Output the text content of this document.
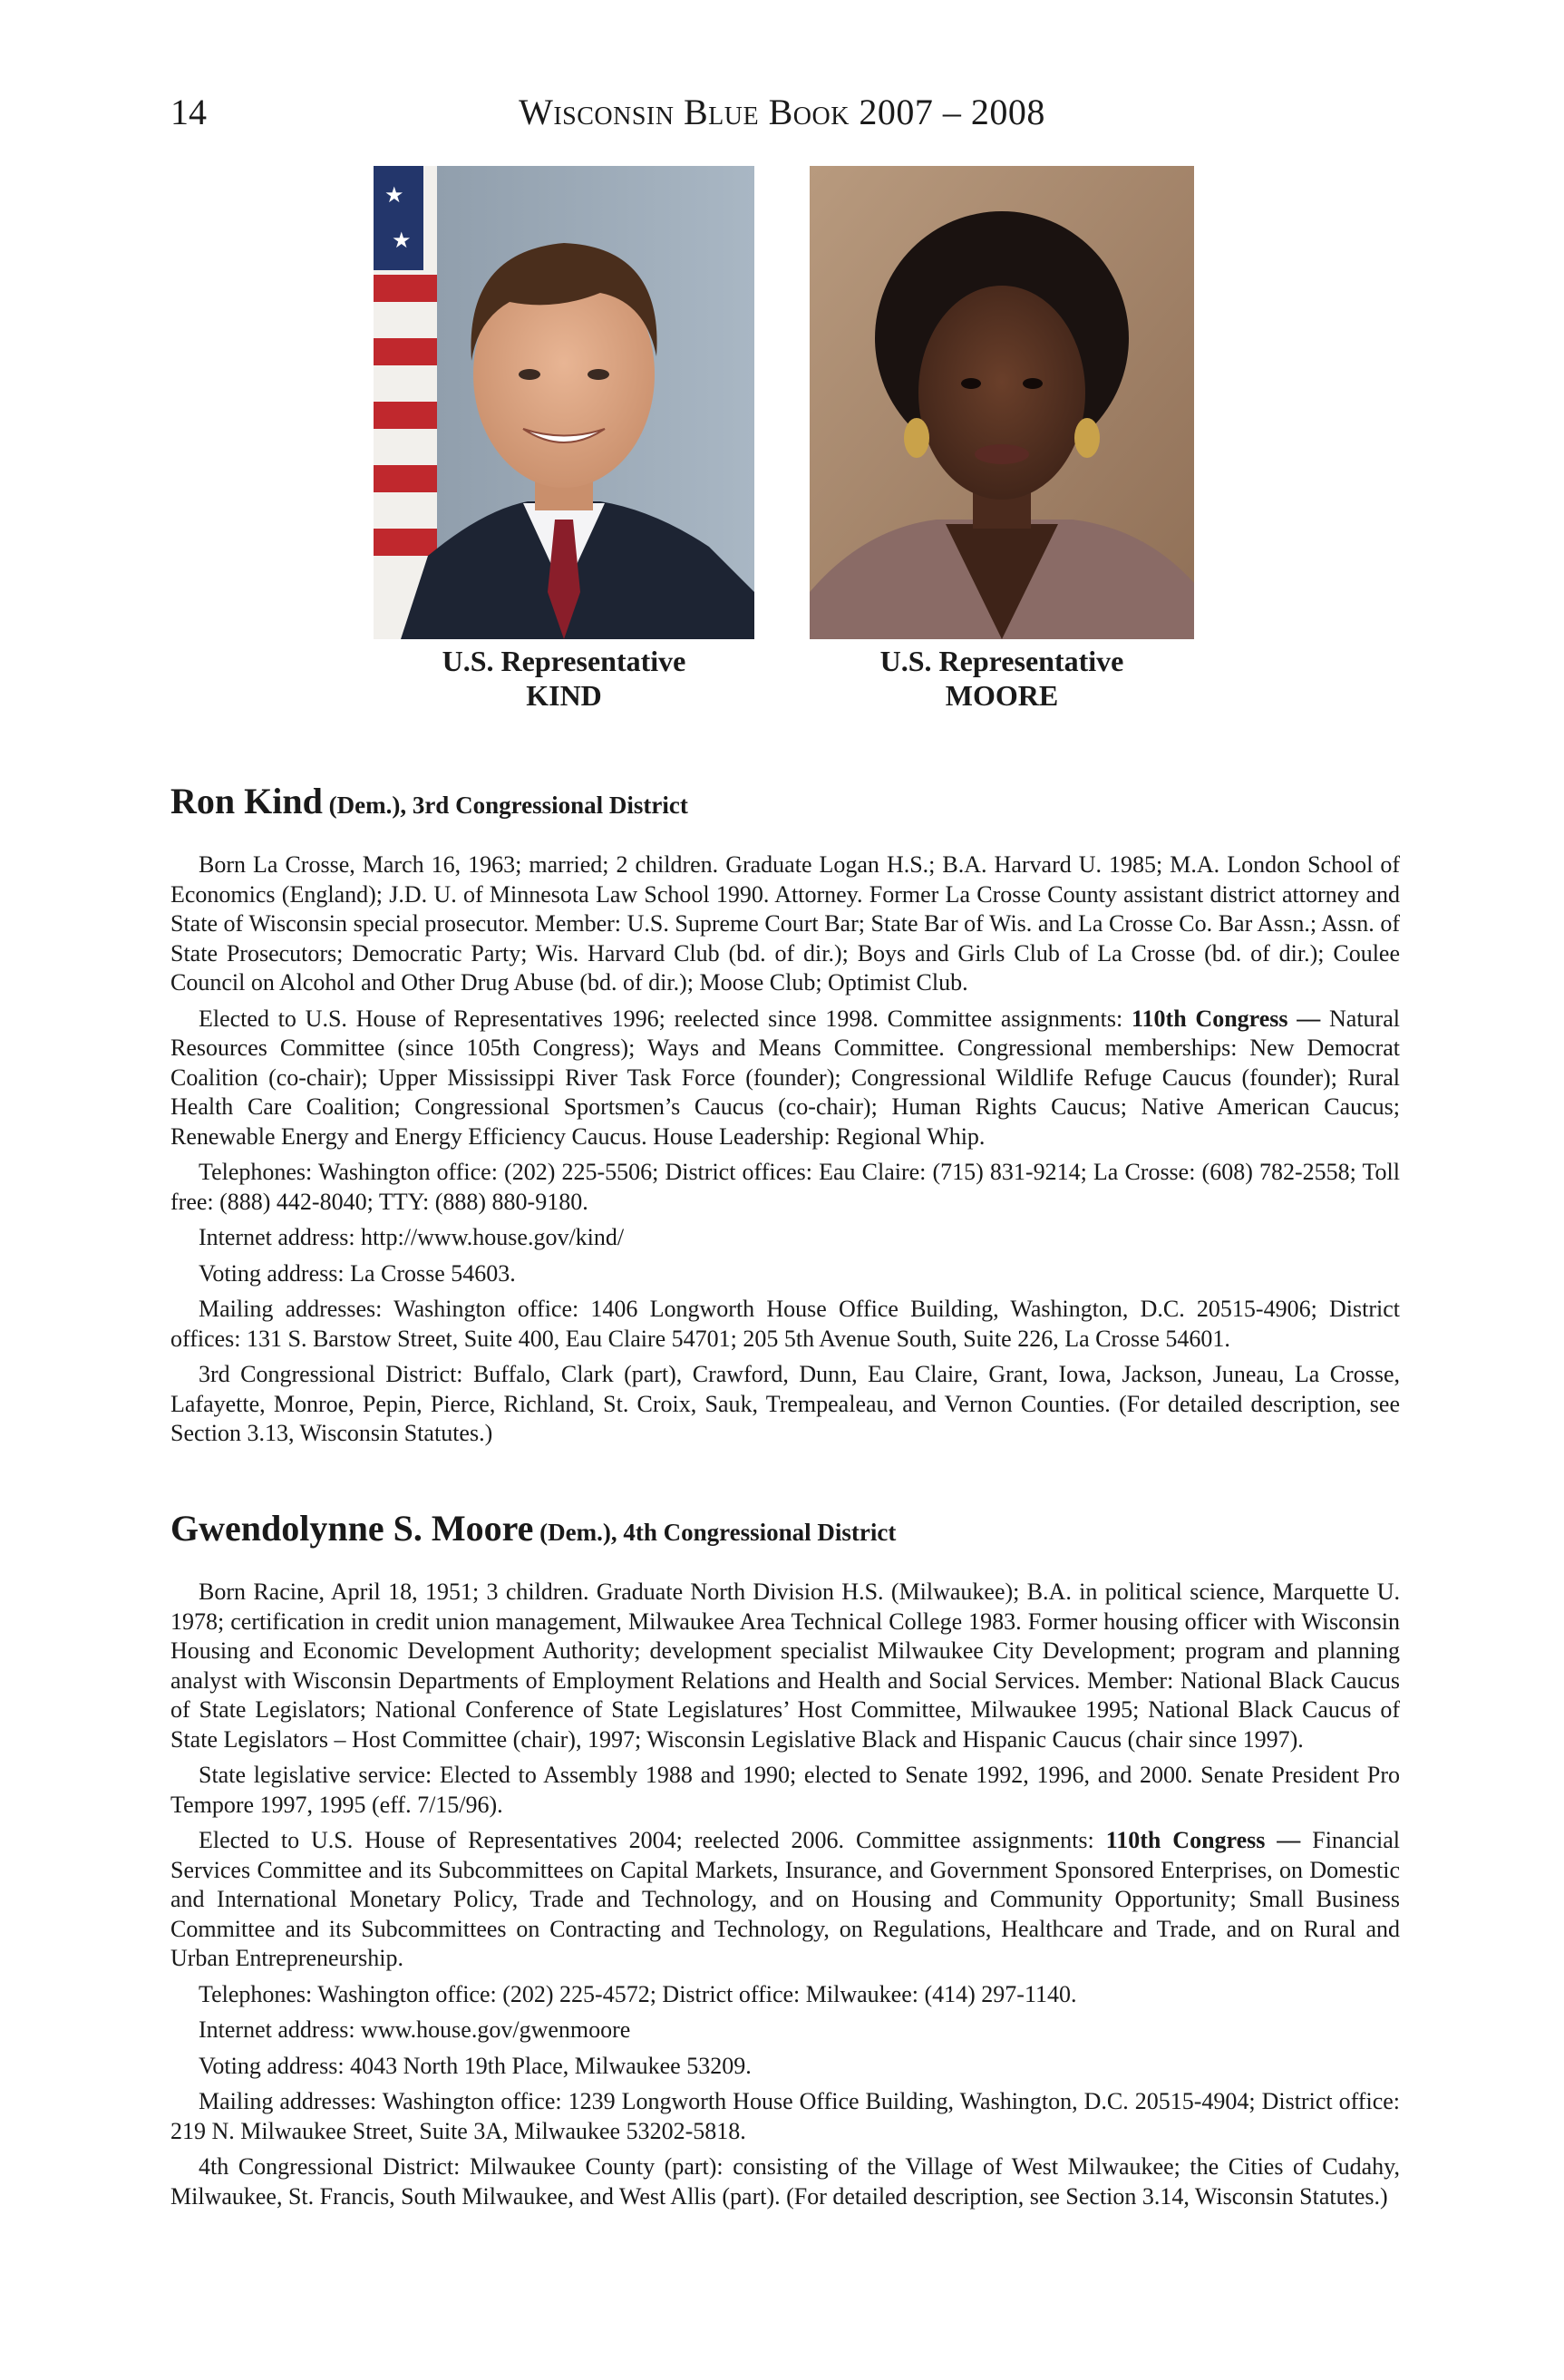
14	Wisconsin Blue Book 2007 – 2008
★
★
U.S. Representative
KIND
U.S. Representative
MOORE
Ron Kind (Dem.), 3rd Congressional District

Born La Crosse, March 16, 1963; married; 2 children. Graduate Logan H.S.; B.A. Harvard U. 1985; M.A. London School of Economics (England); J.D. U. of Minnesota Law School 1990. Attorney. Former La Crosse County assistant district attorney and State of Wisconsin special prosecutor. Member: U.S. Supreme Court Bar; State Bar of Wis. and La Crosse Co. Bar Assn.; Assn. of State Prosecutors; Democratic Party; Wis. Harvard Club (bd. of dir.); Boys and Girls Club of La Crosse (bd. of dir.); Coulee Council on Alcohol and Other Drug Abuse (bd. of dir.); Moose Club; Optimist Club.

Elected to U.S. House of Representatives 1996; reelected since 1998. Committee assignments: 110th Congress — Natural Resources Committee (since 105th Congress); Ways and Means Committee. Congressional memberships: New Democrat Coalition (co-chair); Upper Mississippi River Task Force (founder); Congressional Wildlife Refuge Caucus (founder); Rural Health Care Coalition; Congressional Sportsmen’s Caucus (co-chair); Human Rights Caucus; Native American Caucus; Renewable Energy and Energy Efficiency Caucus. House Leadership: Regional Whip.

Telephones: Washington office: (202) 225-5506; District offices: Eau Claire: (715) 831-9214; La Crosse: (608) 782-2558; Toll free: (888) 442-8040; TTY: (888) 880-9180.

Internet address: http://www.house.gov/kind/

Voting address: La Crosse 54603.

Mailing addresses: Washington office: 1406 Longworth House Office Building, Washington, D.C. 20515-4906; District offices: 131 S. Barstow Street, Suite 400, Eau Claire 54701; 205 5th Avenue South, Suite 226, La Crosse 54601.

3rd Congressional District: Buffalo, Clark (part), Crawford, Dunn, Eau Claire, Grant, Iowa, Jackson, Juneau, La Crosse, Lafayette, Monroe, Pepin, Pierce, Richland, St. Croix, Sauk, Trempealeau, and Vernon Counties. (For detailed description, see Section 3.13, Wisconsin Statutes.)

Gwendolynne S. Moore (Dem.), 4th Congressional District

Born Racine, April 18, 1951; 3 children. Graduate North Division H.S. (Milwaukee); B.A. in political science, Marquette U. 1978; certification in credit union management, Milwaukee Area Technical College 1983. Former housing officer with Wisconsin Housing and Economic Development Authority; development specialist Milwaukee City Development; program and planning analyst with Wisconsin Departments of Employment Relations and Health and Social Services. Member: National Black Caucus of State Legislators; National Conference of State Legislatures’ Host Committee, Milwaukee 1995; National Black Caucus of State Legislators – Host Committee (chair), 1997; Wisconsin Legislative Black and Hispanic Caucus (chair since 1997).

State legislative service: Elected to Assembly 1988 and 1990; elected to Senate 1992, 1996, and 2000. Senate President Pro Tempore 1997, 1995 (eff. 7/15/96).

Elected to U.S. House of Representatives 2004; reelected 2006. Committee assignments: 110th Congress — Financial Services Committee and its Subcommittees on Capital Markets, Insurance, and Government Sponsored Enterprises, on Domestic and International Monetary Policy, Trade and Technology, and on Housing and Community Opportunity; Small Business Committee and its Subcommittees on Contracting and Technology, on Regulations, Healthcare and Trade, and on Rural and Urban Entrepreneurship.

Telephones: Washington office: (202) 225-4572; District office: Milwaukee: (414) 297-1140.

Internet address: www.house.gov/gwenmoore

Voting address: 4043 North 19th Place, Milwaukee 53209.

Mailing addresses: Washington office: 1239 Longworth House Office Building, Washington, D.C. 20515-4904; District office: 219 N. Milwaukee Street, Suite 3A, Milwaukee 53202-5818.

4th Congressional District: Milwaukee County (part): consisting of the Village of West Milwaukee; the Cities of Cudahy, Milwaukee, St. Francis, South Milwaukee, and West Allis (part). (For detailed description, see Section 3.14, Wisconsin Statutes.)
